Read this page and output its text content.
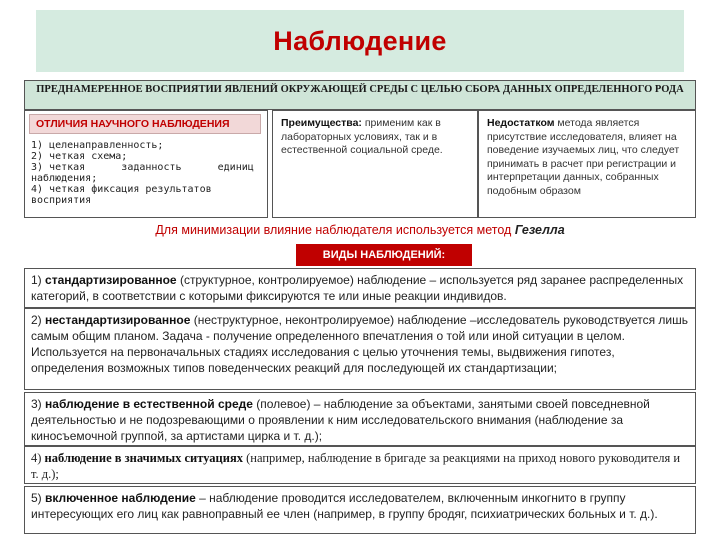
Наблюдение
ПРЕДНАМЕРЕННОЕ ВОСПРИЯТИИ ЯВЛЕНИЙ ОКРУЖАЮЩЕЙ СРЕДЫ С ЦЕЛЬЮ СБОРА ДАННЫХ ОПРЕДЕЛЕННОГО РОДА
ОТЛИЧИЯ НАУЧНОГО НАБЛЮДЕНИЯ
1) целенаправленность;
2) четкая схема;
3) четкая      заданность      единиц
наблюдения;
4) четкая фиксация результатов
восприятия
Преимущества: применим как в лабораторных условиях, так и в естественной социальной среде.
Недостатком метода является присутствие исследователя, влияет на поведение изучаемых лиц, что следует принимать в расчет при регистрации и интерпретации данных, собранных подобным образом
Для минимизации влияние наблюдателя используется метод Гезелла
ВИДЫ НАБЛЮДЕНИЙ:
1) стандартизированное (структурное, контролируемое) наблюдение – используется ряд заранее распределенных категорий, в соответствии с которыми фиксируются те или иные реакции индивидов.
2) нестандартизированное (неструктурное, неконтролируемое) наблюдение –исследователь руководствуется лишь самым общим планом. Задача - получение определенного впечатления о той или иной ситуации в целом. Используется на первоначальных стадиях исследования с целью уточнения темы, выдвижения гипотез, определения возможных типов поведенческих реакций для последующей их стандартизации;
3) наблюдение в естественной среде (полевое) – наблюдение за объектами, занятыми своей повседневной деятельностью и не подозревающими о проявлении к ним исследовательского внимания (наблюдение за киносъемочной группой, за артистами цирка и т. д.);
4) наблюдение в значимых ситуациях (например, наблюдение в бригаде за реакциями на приход нового руководителя и т. д.);
5) включенное наблюдение – наблюдение проводится исследователем, включенным инкогнито в группу интересующих его лиц как равноправный ее член (например, в группу бродяг, психиатрических больных и т. д.).
